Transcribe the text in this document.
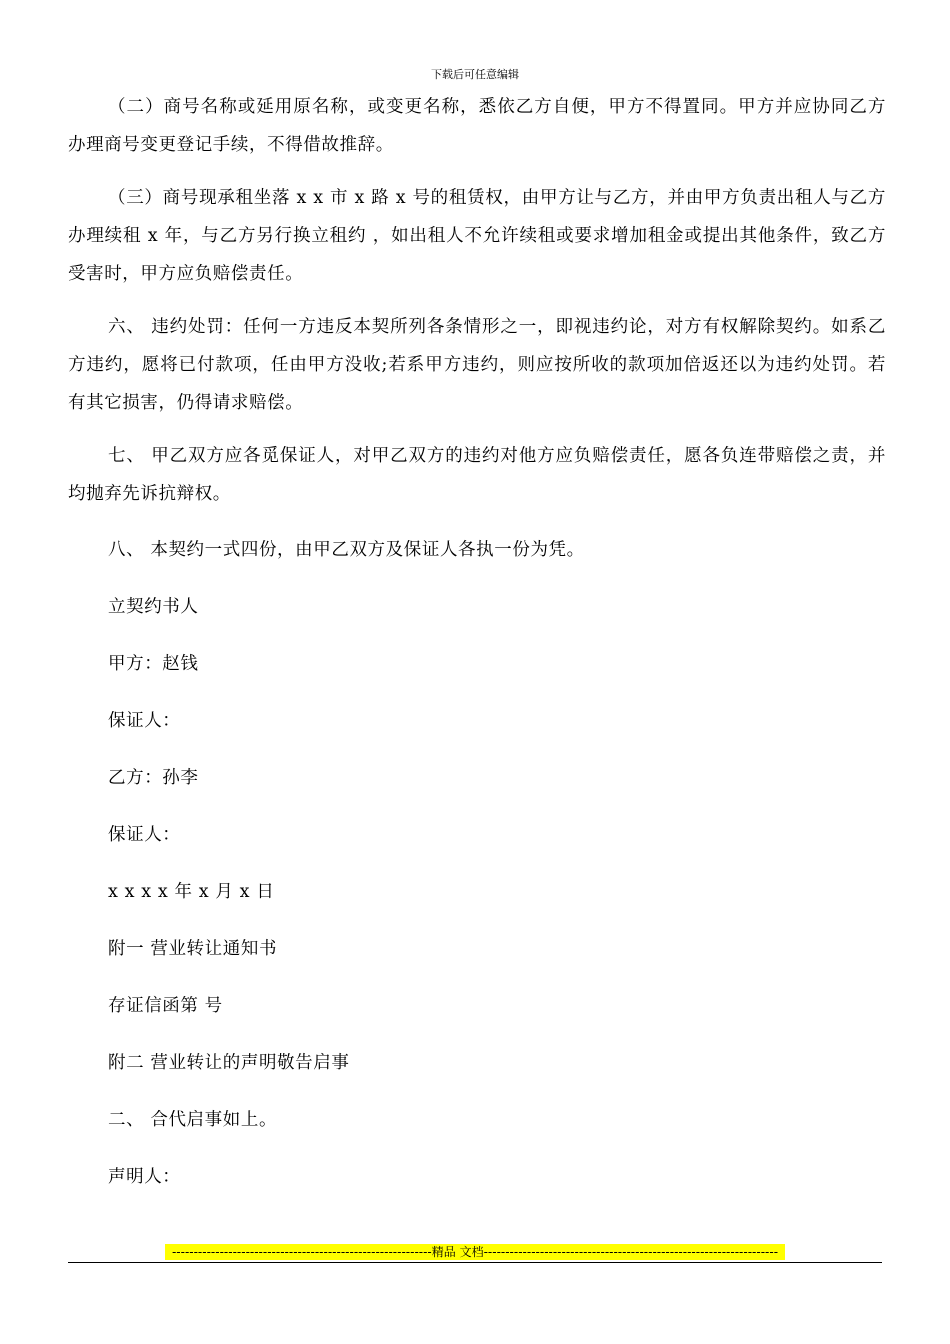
下载后可任意编辑

（二）商号名称或延用原名称，或变更名称，悉依乙方自便，甲方不得置同。甲方并应协同乙方办理商号变更登记手续，不得借故推辞。

（三）商号现承租坐落 x x 市 x 路 x 号的租赁权，由甲方让与乙方，并由甲方负责出租人与乙方办理续租 x 年，与乙方另行换立租约 ，如出租人不允许续租或要求增加租金或提出其他条件，致乙方受害时，甲方应负赔偿责任。

六、 违约处罚：任何一方违反本契所列各条情形之一，即视违约论，对方有权解除契约。如系乙方违约，愿将已付款项，任由甲方没收;若系甲方违约，则应按所收的款项加倍返还以为违约处罚。若有其它损害，仍得请求赔偿。

七、 甲乙双方应各觅保证人，对甲乙双方的违约对他方应负赔偿责任，愿各负连带赔偿之责，并均抛弃先诉抗辩权。

八、 本契约一式四份，由甲乙双方及保证人各执一份为凭。

立契约书人

甲方：赵钱

保证人：

乙方：孙李

保证人：

x x x x 年 x 月 x 日

附一 营业转让通知书

存证信函第 号

附二 营业转让的声明敬告启事

二、 合代启事如上。

声明人：

------------------------------------------------------------精品 文档--------------------------------------------------------------------
